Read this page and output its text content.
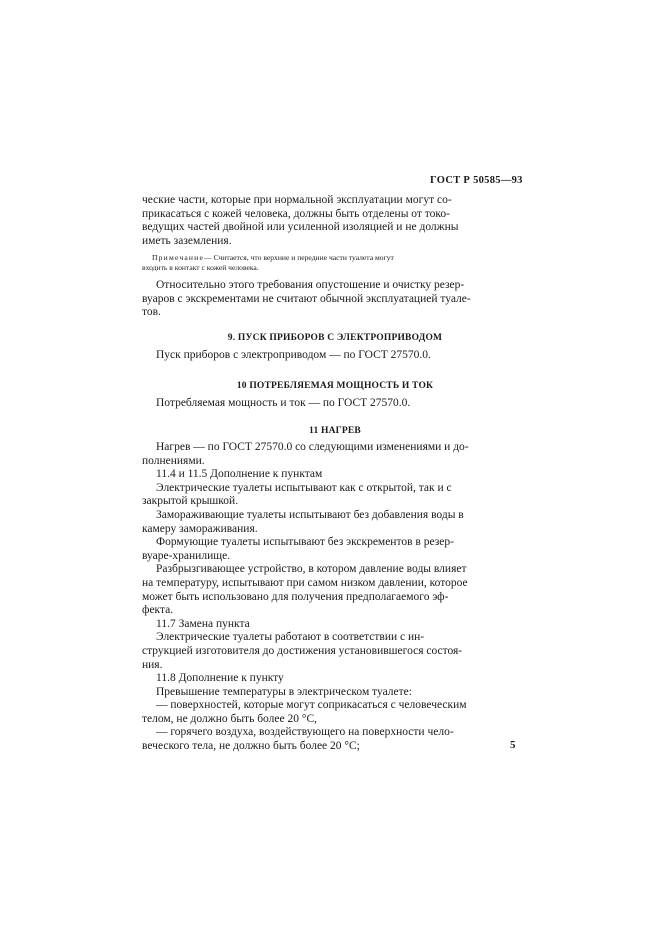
ГОСТ Р 50585—93
ческие части, которые при нормальной эксплуатации могут со-
прикасаться с кожей человека, должны быть отделены от токо-
ведущих частей двойной или усиленной изоляцией и не должны
иметь заземления.
Примечание— Считается, что верхние и передние части туалета могут
входить в контакт с кожей человека.
Относительно этого требования опустошение и очистку резер-
вуаров с экскрементами не считают обычной эксплуатацией туале-
тов.
9. ПУСК ПРИБОРОВ С ЭЛЕКТРОПРИВОДОМ
Пуск приборов с электроприводом — по ГОСТ 27570.0.
10 ПОТРЕБЛЯЕМАЯ МОЩНОСТЬ И ТОК
Потребляемая мощность и ток — по ГОСТ 27570.0.
11 НАГРЕВ
Нагрев — по ГОСТ 27570.0 со следующими изменениями и до-
полнениями.
11.4 и 11.5 Дополнение к пунктам
Электрические туалеты испытывают как с открытой, так и с
закрытой крышкой.
Замораживающие туалеты испытывают без добавления воды в
камеру замораживания.
Формующие туалеты испытывают без экскрементов в резер-
вуаре-хранилище.
Разбрызгивающее устройство, в котором давление воды влияет
на температуру, испытывают при самом низком давлении, которое
может быть использовано для получения предполагаемого эф-
фекта.
11.7 Замена пункта
Электрические туалеты работают в соответствии с ин-
струкцией изготовителя до достижения установившегося состоя-
ния.
11.8 Дополнение к пункту
Превышение температуры в электрическом туалете:
— поверхностей, которые могут соприкасаться с человеческим
телом, не должно быть более 20 °С,
— горячего воздуха, воздействующего на поверхности чело-
веческого тела, не должно быть более 20 °С;	5
